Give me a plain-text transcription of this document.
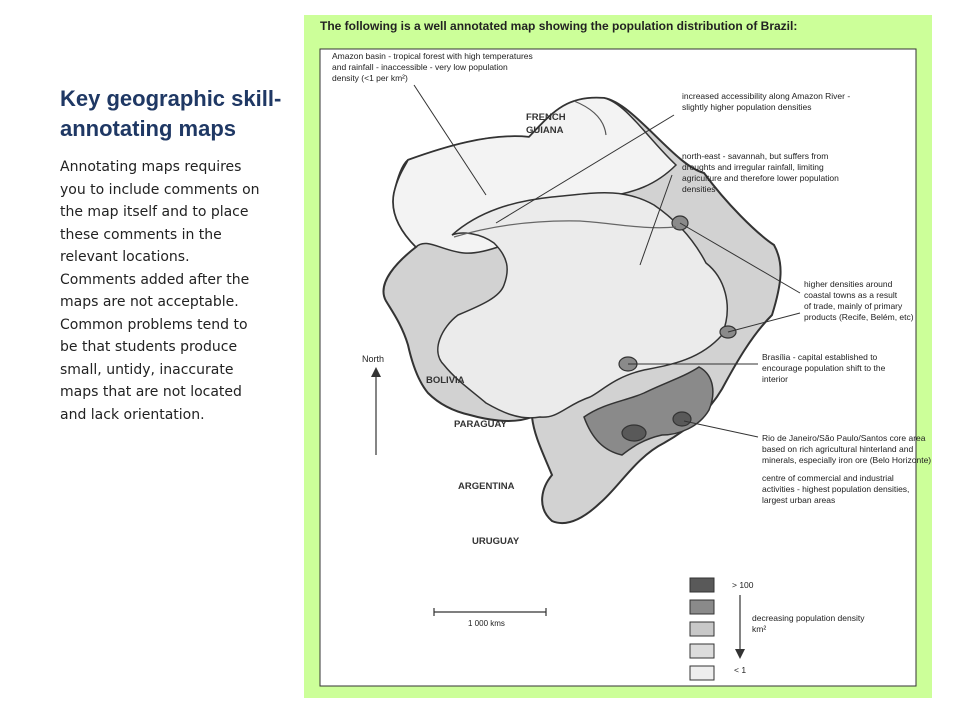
Key geographic skill- annotating maps

Annotating maps requires you to include comments on the map itself and to place these comments in the relevant locations. Comments added after the maps are not acceptable. Common problems tend to be that students produce small, untidy, inaccurate maps that are not located and lack orientation.

The following is a well annotated map showing the population distribution of Brazil:
Amazon basin - tropical forest with high temperatures and rainfall - inaccessible - very low population density (<1 per km²)
increased accessibility along Amazon River - slightly higher population densities
north-east - savannah, but suffers from droughts and irregular rainfall, limiting agriculture and therefore lower population densities
higher densities around coastal towns as a result of trade, mainly of primary products (Recife, Belém, etc)
Brasília - capital established to encourage population shift to the interior
Rio de Janeiro/São Paulo/Santos core area based on rich agricultural hinterland and minerals, especially iron ore (Belo Horizonte)
centre of commercial and industrial activities - highest population densities, largest urban areas
FRENCH
GUIANA
BOLIVIA
PARAGUAY
ARGENTINA
URUGUAY
North
1 000 kms
> 100
decreasing population density km²
< 1
